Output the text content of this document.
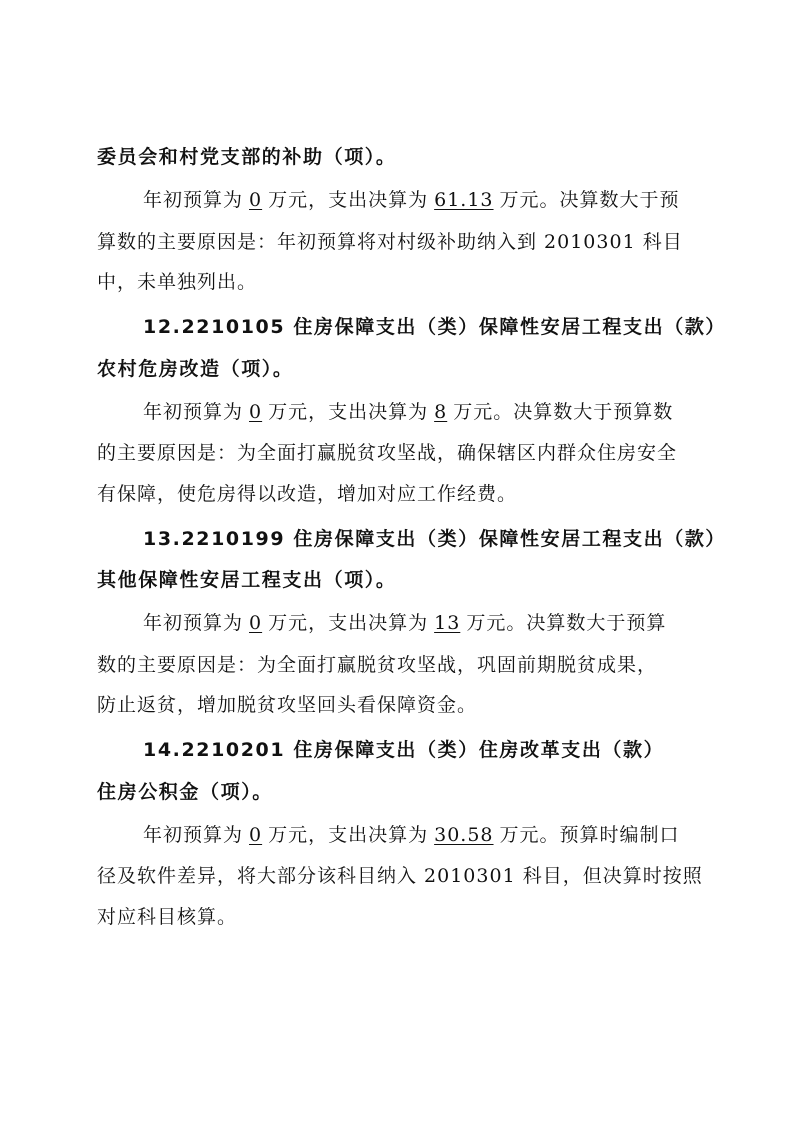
委员会和村党支部的补助（项）。
年初预算为 0 万元，支出决算为 61.13 万元。决算数大于预
算数的主要原因是：年初预算将对村级补助纳入到 2010301 科目
中，未单独列出。
12.2210105 住房保障支出（类）保障性安居工程支出（款）
农村危房改造（项）。
年初预算为 0 万元，支出决算为 8 万元。决算数大于预算数
的主要原因是：为全面打赢脱贫攻坚战，确保辖区内群众住房安全
有保障，使危房得以改造，增加对应工作经费。
13.2210199 住房保障支出（类）保障性安居工程支出（款）
其他保障性安居工程支出（项）。
年初预算为 0 万元，支出决算为 13 万元。决算数大于预算
数的主要原因是：为全面打赢脱贫攻坚战，巩固前期脱贫成果，
防止返贫，增加脱贫攻坚回头看保障资金。
14.2210201 住房保障支出（类）住房改革支出（款）
住房公积金（项）。
年初预算为 0 万元，支出决算为 30.58 万元。预算时编制口
径及软件差异，将大部分该科目纳入 2010301 科目，但决算时按照
对应科目核算。
